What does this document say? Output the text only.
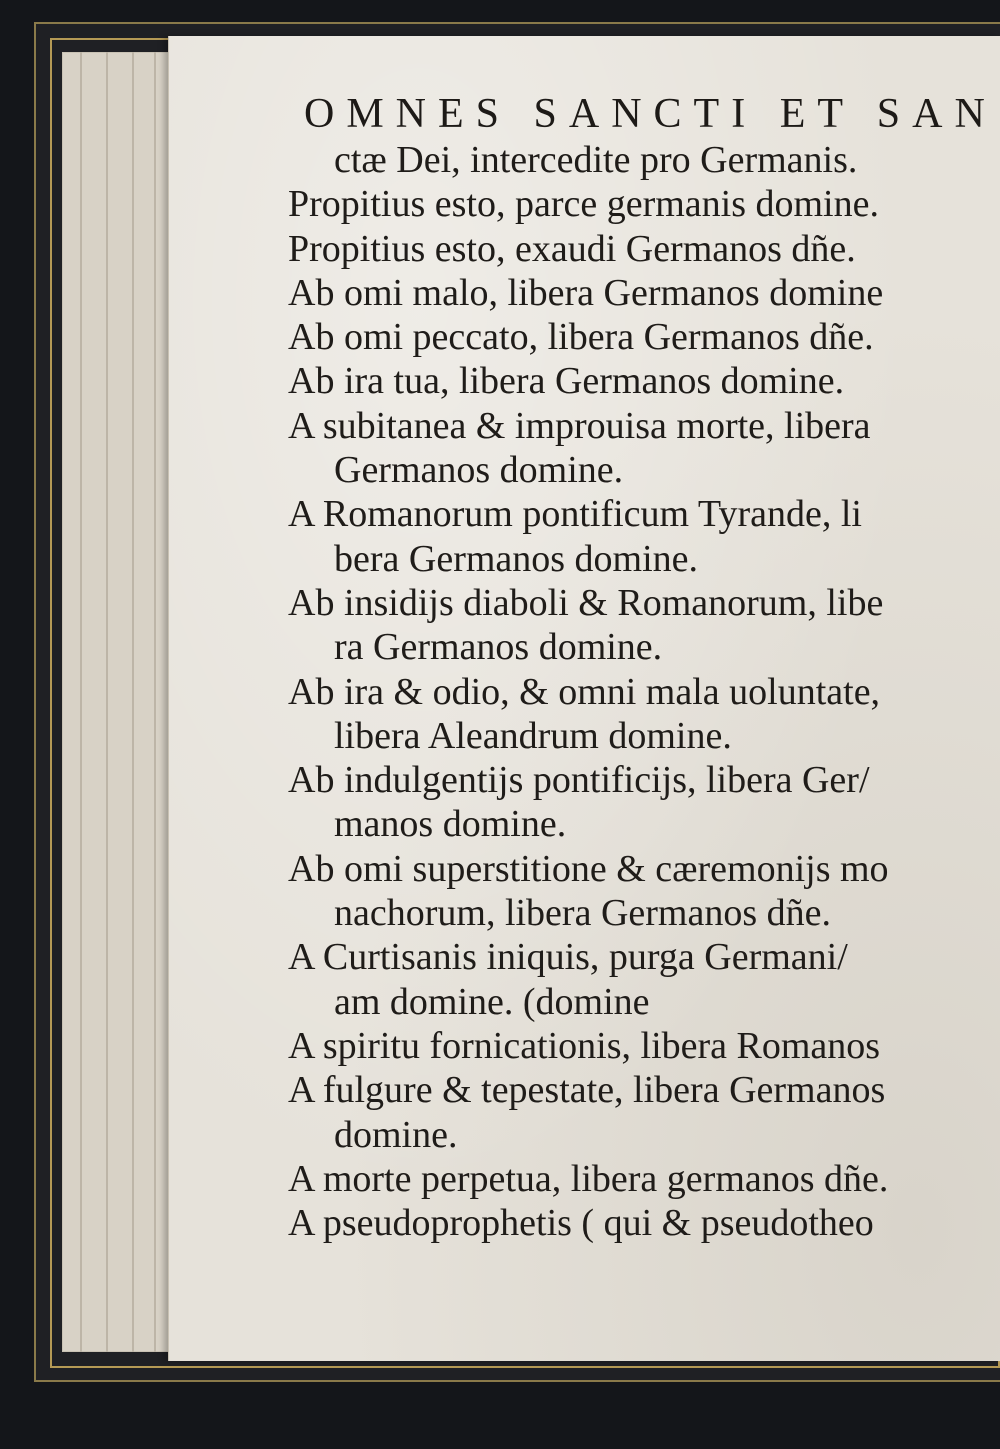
OMNES SANCTI ET SAN
ctæ Dei, intercedite pro Germanis.
Propitius esto, parce germanis domine.
Propitius esto, exaudi Germanos dñe.
Ab omi malo, libera Germanos domine
Ab omi peccato, libera Germanos dñe.
Ab ira tua, libera Germanos domine.
A subitanea & improuisa morte, libera
Germanos domine.
A Romanorum pontificum Tyrande, li
bera Germanos domine.
Ab insidijs diaboli & Romanorum, libe
ra Germanos domine.
Ab ira & odio, & omni mala uoluntate,
libera Aleandrum domine.
Ab indulgentijs pontificijs, libera Ger/
manos domine.
Ab omi superstitione & cæremonijs mo
nachorum, libera Germanos dñe.
A Curtisanis iniquis, purga Germani/
am domine. (domine
A spiritu fornicationis, libera Romanos
A fulgure & tepestate, libera Germanos
domine.
A morte perpetua, libera germanos dñe.
A pseudoprophetis ( qui & pseudotheo
